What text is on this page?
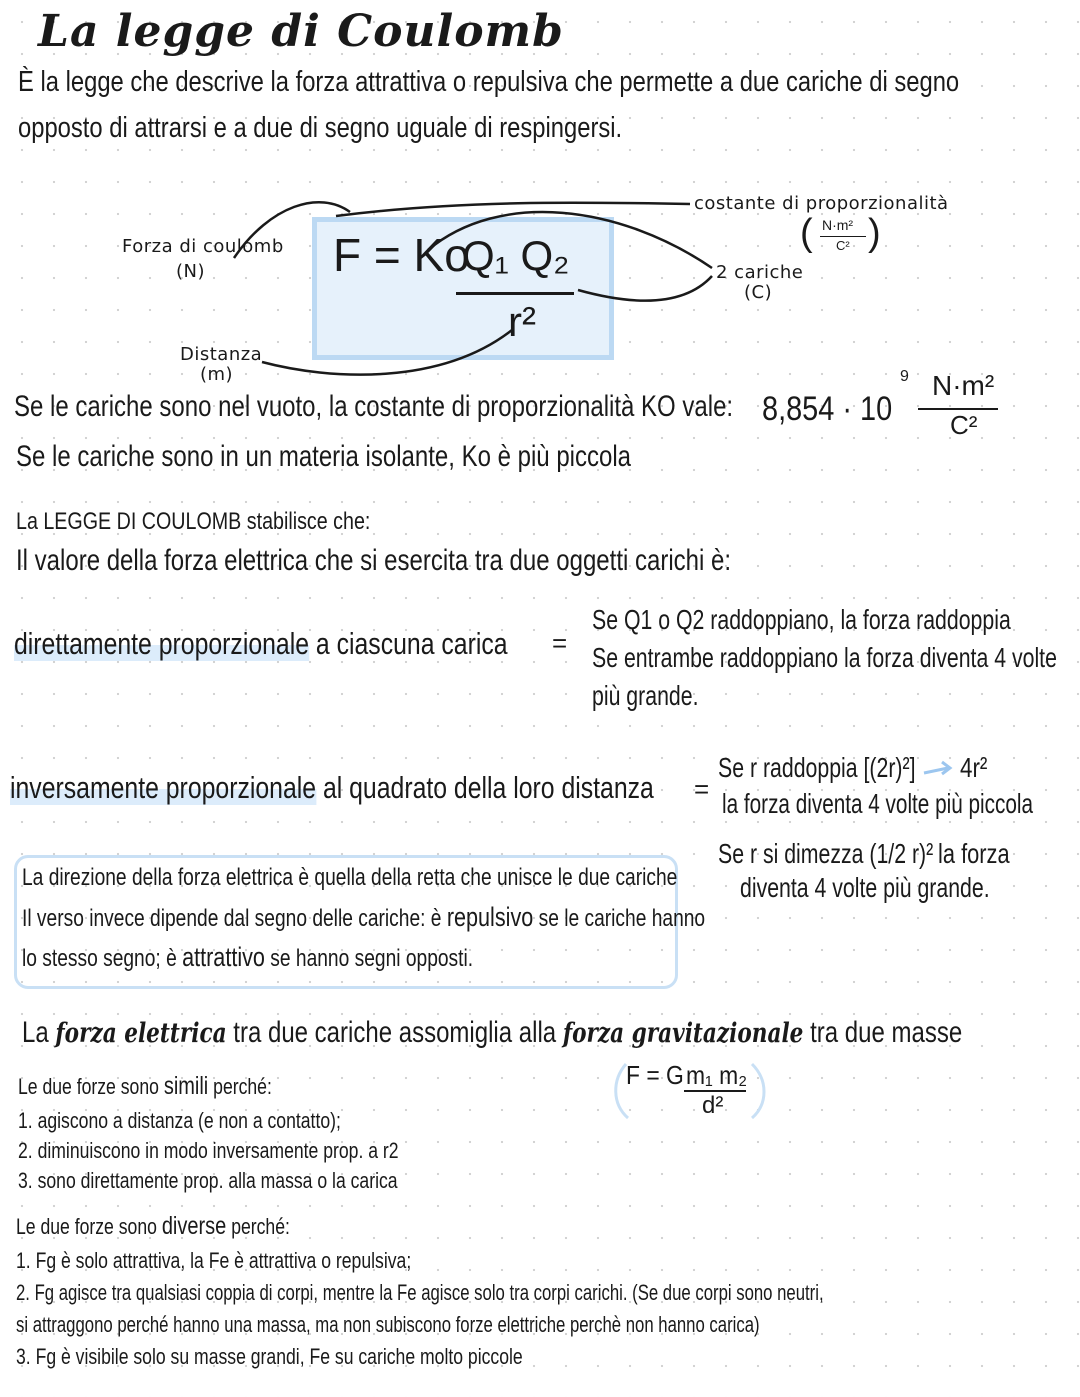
La legge di Coulomb
È la legge che descrive la forza attrattiva o repulsiva che permette a due cariche di segno
opposto di attrarsi e a due di segno uguale di respingersi.
F = Ko
Q₁ Q₂
r²
Forza di coulomb
(N)
Distanza
(m)
costante di proporzionalità
( N·m²
C² )
2 cariche
(C)
Se le cariche sono nel vuoto, la costante di proporzionalità KO vale: 8,854 · 10
9 N·m²
C²
Se le cariche sono in un materia isolante, Ko è più piccola
La LEGGE DI COULOMB stabilisce che:
Il valore della forza elettrica che si esercita tra due oggetti carichi è:
direttamente proporzionale a ciascuna carica =
Se Q1 o Q2 raddoppiano, la forza raddoppia
Se entrambe raddoppiano la forza diventa 4 volte
più grande.
inversamente proporzionale al quadrato della loro distanza =
Se r raddoppia [(2r)²] 4r²
la forza diventa 4 volte più piccola
Se r si dimezza (1/2 r)² la forza
diventa 4 volte più grande.
La direzione della forza elettrica è quella della retta che unisce le due cariche
Il verso invece dipende dal segno delle cariche: è repulsivo se le cariche hanno
lo stesso segno; è attrattivo se hanno segni opposti.
La forza elettrica tra due cariche assomiglia alla forza gravitazionale tra due masse
F = G m₁ m₂
d²
Le due forze sono simili perché:
1. agiscono a distanza (e non a contatto);
2. diminuiscono in modo inversamente prop. a r2
3. sono direttamente prop. alla massa o la carica
Le due forze sono diverse perché:
1. Fg è solo attrattiva, la Fe è attrattiva o repulsiva;
2. Fg agisce tra qualsiasi coppia di corpi, mentre la Fe agisce solo tra corpi carichi. (Se due corpi sono neutri,
si attraggono perché hanno una massa, ma non subiscono forze elettriche perchè non hanno carica)
3. Fg è visibile solo su masse grandi, Fe su cariche molto piccole
